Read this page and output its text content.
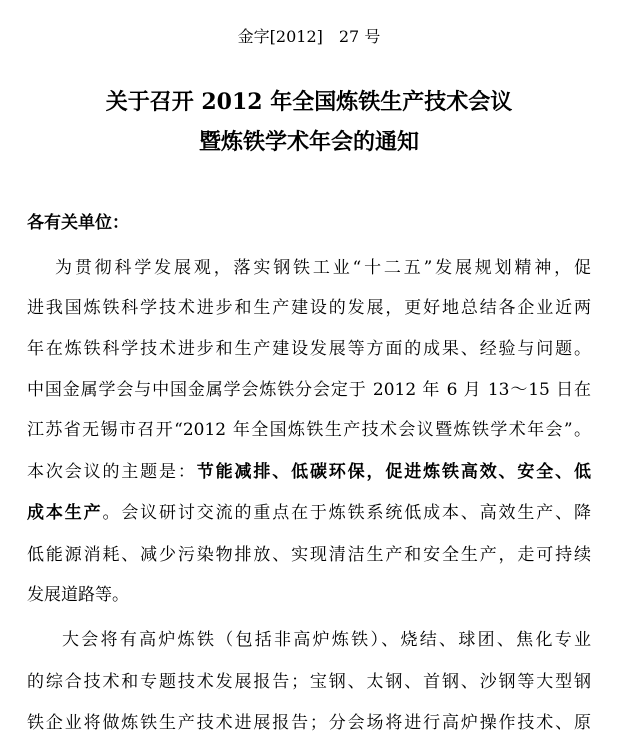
金字[2012]　27 号
关于召开 2012 年全国炼铁生产技术会议
暨炼铁学术年会的通知
各有关单位：
为贯彻科学发展观，落实钢铁工业“十二五”发展规划精神，促
进我国炼铁科学技术进步和生产建设的发展，更好地总结各企业近两
年在炼铁科学技术进步和生产建设发展等方面的成果、经验与问题。
中国金属学会与中国金属学会炼铁分会定于 2012 年 6 月 13～15 日在
江苏省无锡市召开“2012 年全国炼铁生产技术会议暨炼铁学术年会”。
本次会议的主题是：节能减排、低碳环保，促进炼铁高效、安全、低
成本生产。会议研讨交流的重点在于炼铁系统低成本、高效生产、降
低能源消耗、减少污染物排放、实现清洁生产和安全生产，走可持续
发展道路等。
大会将有高炉炼铁（包括非高炉炼铁）、烧结、球团、焦化专业
的综合技术和专题技术发展报告；宝钢、太钢、首钢、沙钢等大型钢
铁企业将做炼铁生产技术进展报告；分会场将进行高炉操作技术、原
